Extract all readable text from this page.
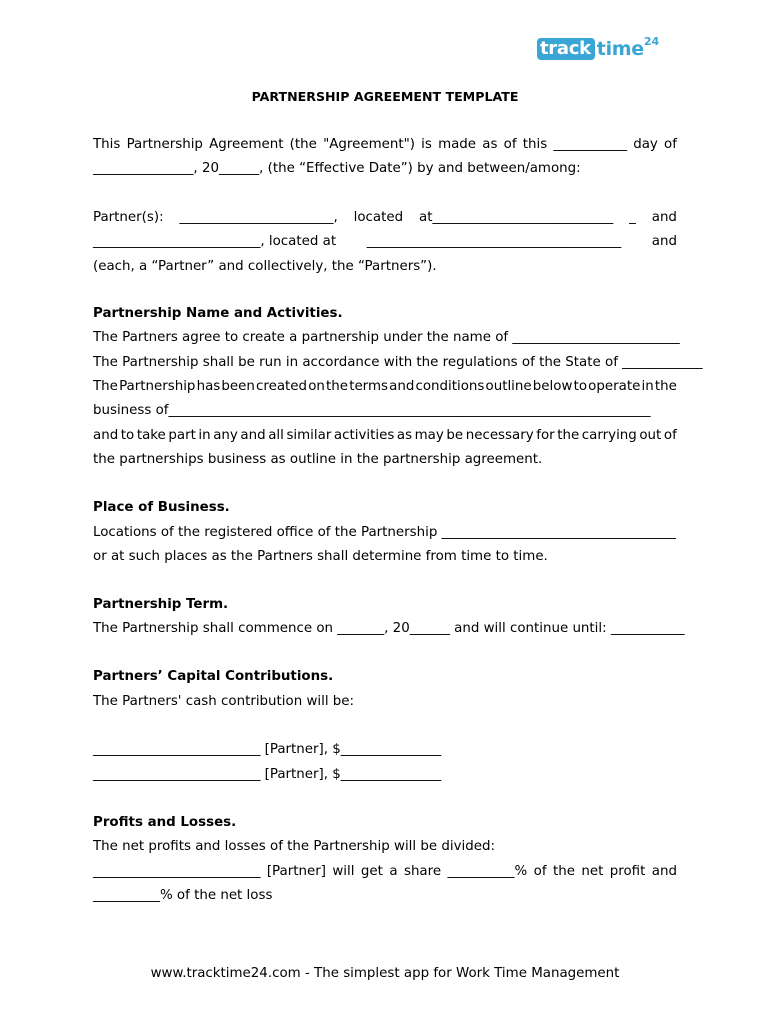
track time 24
PARTNERSHIP AGREEMENT TEMPLATE
This Partnership Agreement (the "Agreement") is made as of this ___________ day of
_______________, 20______, (the “Effective Date”) by and between/among:
Partner(s): _______________________, located at___________________________ _ and
_________________________, located at ______________________________________ and
(each, a “Partner” and collectively, the “Partners”).
Partnership Name and Activities.
The Partners agree to create a partnership under the name of _________________________
The Partnership shall be run in accordance with the regulations of the State of ____________
The Partnership has been created on the terms and conditions outline below to operate in the
business of________________________________________________________________________
and to take part in any and all similar activities as may be necessary for the carrying out of
the partnerships business as outline in the partnership agreement.
Place of Business.
Locations of the registered office of the Partnership ___________________________________
or at such places as the Partners shall determine from time to time.
Partnership Term.
The Partnership shall commence on _______, 20______ and will continue until: ___________
Partners’ Capital Contributions.
The Partners' cash contribution will be:
_________________________ [Partner], $_______________
_________________________ [Partner], $_______________
Profits and Losses.
The net profits and losses of the Partnership will be divided:
_________________________ [Partner] will get a share __________% of the net profit and
__________% of the net loss
www.tracktime24.com - The simplest app for Work Time Management
